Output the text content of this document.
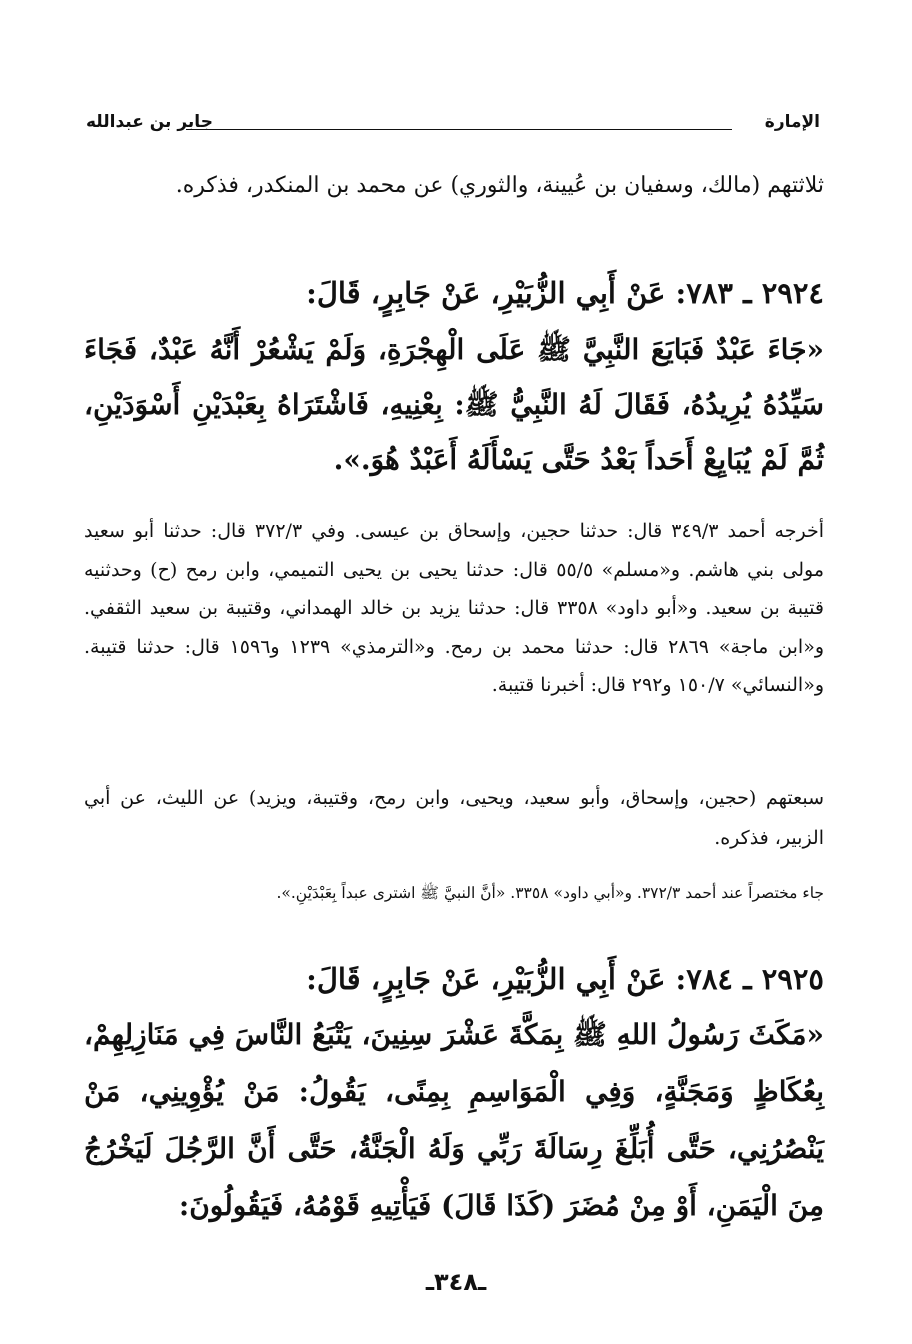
الإمارة
جابر بن عبدالله

ثلاثتهم (مالك، وسفيان بن عُيينة، والثوري) عن محمد بن المنكدر، فذكره.

٢٩٢٤ ـ ٧٨٣: عَنْ أَبِي الزُّبَيْرِ، عَنْ جَابِرٍ، قَالَ:

«جَاءَ عَبْدٌ فَبَايَعَ النَّبِيَّ ﷺ عَلَى الْهِجْرَةِ، وَلَمْ يَشْعُرْ أَنَّهُ عَبْدٌ، فَجَاءَ سَيِّدُهُ يُرِيدُهُ، فَقَالَ لَهُ النَّبِيُّ ﷺ: بِعْنِيهِ، فَاشْتَرَاهُ بِعَبْدَيْنِ أَسْوَدَيْنِ، ثُمَّ لَمْ يُبَايِعْ أَحَداً بَعْدُ حَتَّى يَسْأَلَهُ أَعَبْدٌ هُوَ.».

أخرجه أحمد ٣٤٩/٣ قال: حدثنا حجين، وإسحاق بن عيسى. وفي ٣٧٢/٣ قال: حدثنا أبو سعيد مولى بني هاشم. و«مسلم» ٥٥/٥ قال: حدثنا يحيى بن يحيى التميمي، وابن رمح (ح) وحدثنيه قتيبة بن سعيد. و«أبو داود» ٣٣٥٨ قال: حدثنا يزيد بن خالد الهمداني، وقتيبة بن سعيد الثقفي. و«ابن ماجة» ٢٨٦٩ قال: حدثنا محمد بن رمح. و«الترمذي» ١٢٣٩ و١٥٩٦ قال: حدثنا قتيبة. و«النسائي» ١٥٠/٧ و٢٩٢ قال: أخبرنا قتيبة.

سبعتهم (حجين، وإسحاق، وأبو سعيد، ويحيى، وابن رمح، وقتيبة، ويزيد) عن الليث، عن أبي الزبير، فذكره.

جاء مختصراً عند أحمد ٣٧٢/٣. و«أبي داود» ٣٣٥٨. «أنَّ النبيَّ ﷺ اشترى عبداً بِعَبْدَيْنِ.».

٢٩٢٥ ـ ٧٨٤: عَنْ أَبِي الزُّبَيْرِ، عَنْ جَابِرٍ، قَالَ:

«مَكَثَ رَسُولُ اللهِ ﷺ بِمَكَّةَ عَشْرَ سِنِينَ، يَتْبَعُ النَّاسَ فِي مَنَازِلِهِمْ، بِعُكَاظٍ وَمَجَنَّةٍ، وَفِي الْمَوَاسِمِ بِمِنًى، يَقُولُ: مَنْ يُؤْوِينِي، مَنْ يَنْصُرُنِي، حَتَّى أُبَلِّغَ رِسَالَةَ رَبِّي وَلَهُ الْجَنَّةُ، حَتَّى أَنَّ الرَّجُلَ لَيَخْرُجُ مِنَ الْيَمَنِ، أَوْ مِنْ مُضَرَ (كَذَا قَالَ) فَيَأْتِيهِ قَوْمُهُ، فَيَقُولُونَ:

ـ٣٤٨ـ
